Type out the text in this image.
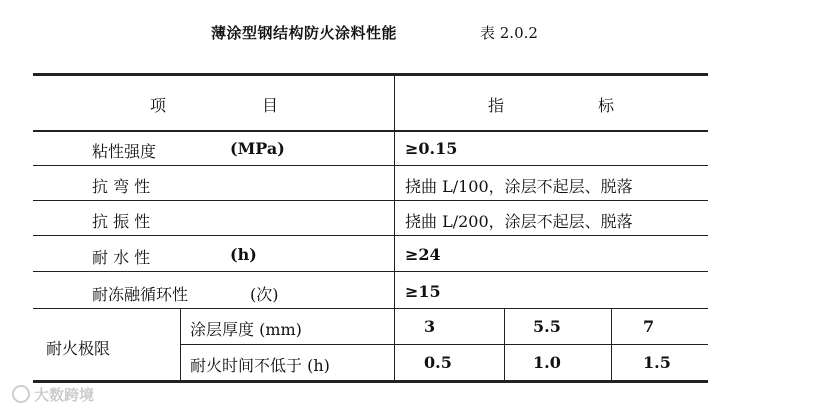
薄涂型钢结构防火涂料性能	表 2.0.2
项	目	指	标
粘性强度	(MPa)	≥0.15
抗 弯 性	挠曲 L/100，涂层不起层、脱落
抗 振 性	挠曲 L/200，涂层不起层、脱落
耐 水 性	(h)	≥24
耐冻融循环性	(次)	≥15
耐火极限
涂层厚度 (mm)	3	5.5	7
耐火时间不低于 (h)	0.5	1.0	1.5
大数跨境
